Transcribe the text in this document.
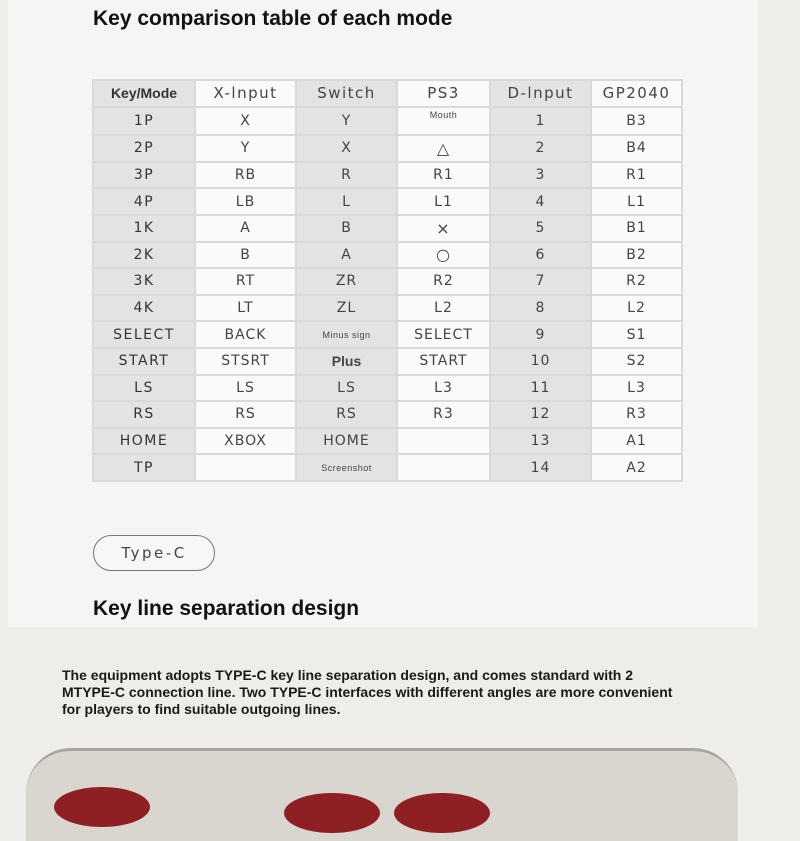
Key comparison table of each mode
Key/Mode	X-lnput	Switch	PS3	D-lnput	GP2040
1P	X	Y	Mouth	1	B3
2P	Y	X	△	2	B4
3P	RB	R	R1	3	R1
4P	LB	L	L1	4	L1
1K	A	B	×	5	B1
2K	B	A	○	6	B2
3K	RT	ZR	R2	7	R2
4K	LT	ZL	L2	8	L2
SELECT	BACK	Minus sign	SELECT	9	S1
START	STSRT	Plus	START	10	S2
LS	LS	LS	L3	11	L3
RS	RS	RS	R3	12	R3
HOME	XBOX	HOME		13	A1
TP		Screenshot		14	A2
Type-C
Key line separation design
The equipment adopts TYPE-C key line separation design, and comes standard with 2 MTYPE-C connection line. Two TYPE-C interfaces with different angles are more convenient for players to find suitable outgoing lines.
